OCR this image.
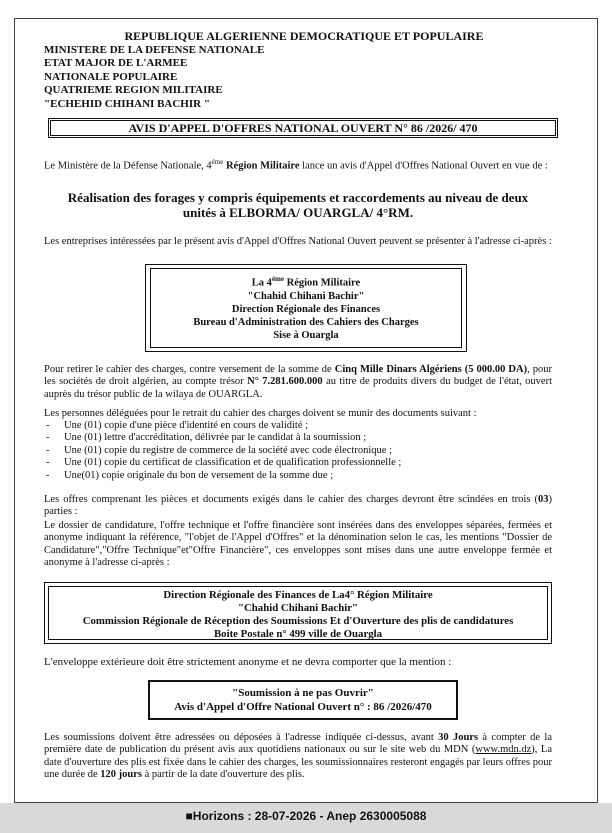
REPUBLIQUE ALGERIENNE DEMOCRATIQUE ET POPULAIRE
MINISTERE DE LA DEFENSE NATIONALE
ETAT MAJOR DE L'ARMEE
NATIONALE POPULAIRE
QUATRIEME REGION MILITAIRE
"ECHEHID CHIHANI BACHIR "
AVIS D'APPEL D'OFFRES NATIONAL OUVERT N° 86 /2026/ 470
Le Ministère de la Défense Nationale, $4^{éme}$ Région Militaire lance un avis d'Appel d'Offres National Ouvert en vue de :
Réalisation des forages y compris équipements et raccordements au niveau de deux
unités à ELBORMA/ OUARGLA/ 4°RM.
Les entreprises intéressées par le présent avis d'Appel d'Offres National Ouvert peuvent se présenter à l'adresse ci-après :
La $4^{éme}$ Région Militaire
"Chahid Chihani Bachir"
Direction Régionale des Finances
Bureau d'Administration des Cahiers des Charges
Sise à Ouargla
Pour retirer le cahier des charges, contre versement de la somme de Cinq Mille Dinars Algériens (5 000.00 DA), pour les sociétés de droit algérien, au compte trésor N° 7.281.600.000 au titre de produits divers du budget de l'état, ouvert auprès du trésor public de la wilaya de OUARGLA.
Les personnes déléguées pour le retrait du cahier des charges doivent se munir des documents suivant :
- Une (01) copie d'une pièce d'identité en cours de validité ;
- Une (01) lettre d'accréditation, délivrée par le candidat à la soumission ;
- Une (01) copie du registre de commerce de la société avec code électronique ;
- Une (01) copie du certificat de classification et de qualification professionnelle ;
- Une(01) copie originale du bon de versement de la somme due ;
Les offres comprenant les pièces et documents exigés dans le cahier des charges devront être scindées en trois (03) parties :
Le dossier de candidature, l'offre technique et l'offre financière sont insérées dans des enveloppes séparées, fermées et anonyme indiquant la référence, "l'objet de l'Appel d'Offres" et la dénomination selon le cas, les mentions "Dossier de Candidature","Offre Technique"et"Offre Financière", ces enveloppes sont mises dans une autre enveloppe fermée et anonyme à l'adresse ci-après :
Direction Régionale des Finances de La4° Région Militaire
"Chahid Chihani Bachir"
Commission Régionale de Réception des Soumissions Et d'Ouverture des plis de candidatures
Boite Postale n° 499 ville de Ouargla
L'enveloppe extérieure doit être strictement anonyme et ne devra comporter que la mention :
"Soumission à ne pas Ouvrir"
Avis d'Appel d'Offre National Ouvert n° : 86 /2026/470
Les soumissions doivent être adressées ou déposées à l'adresse indiquée ci-dessus, avant 30 Jours à compter de la première date de publication du présent avis aux quotidiens nationaux ou sur le site web du MDN (www.mdn.dz), La date d'ouverture des plis est fixée dans le cahier des charges, les soumissionnaires resteront engagés par leurs offres pour une durée de 120 jours à partir de la date d'ouverture des plis.
■Horizons : 28-07-2026 - Anep 2630005088
